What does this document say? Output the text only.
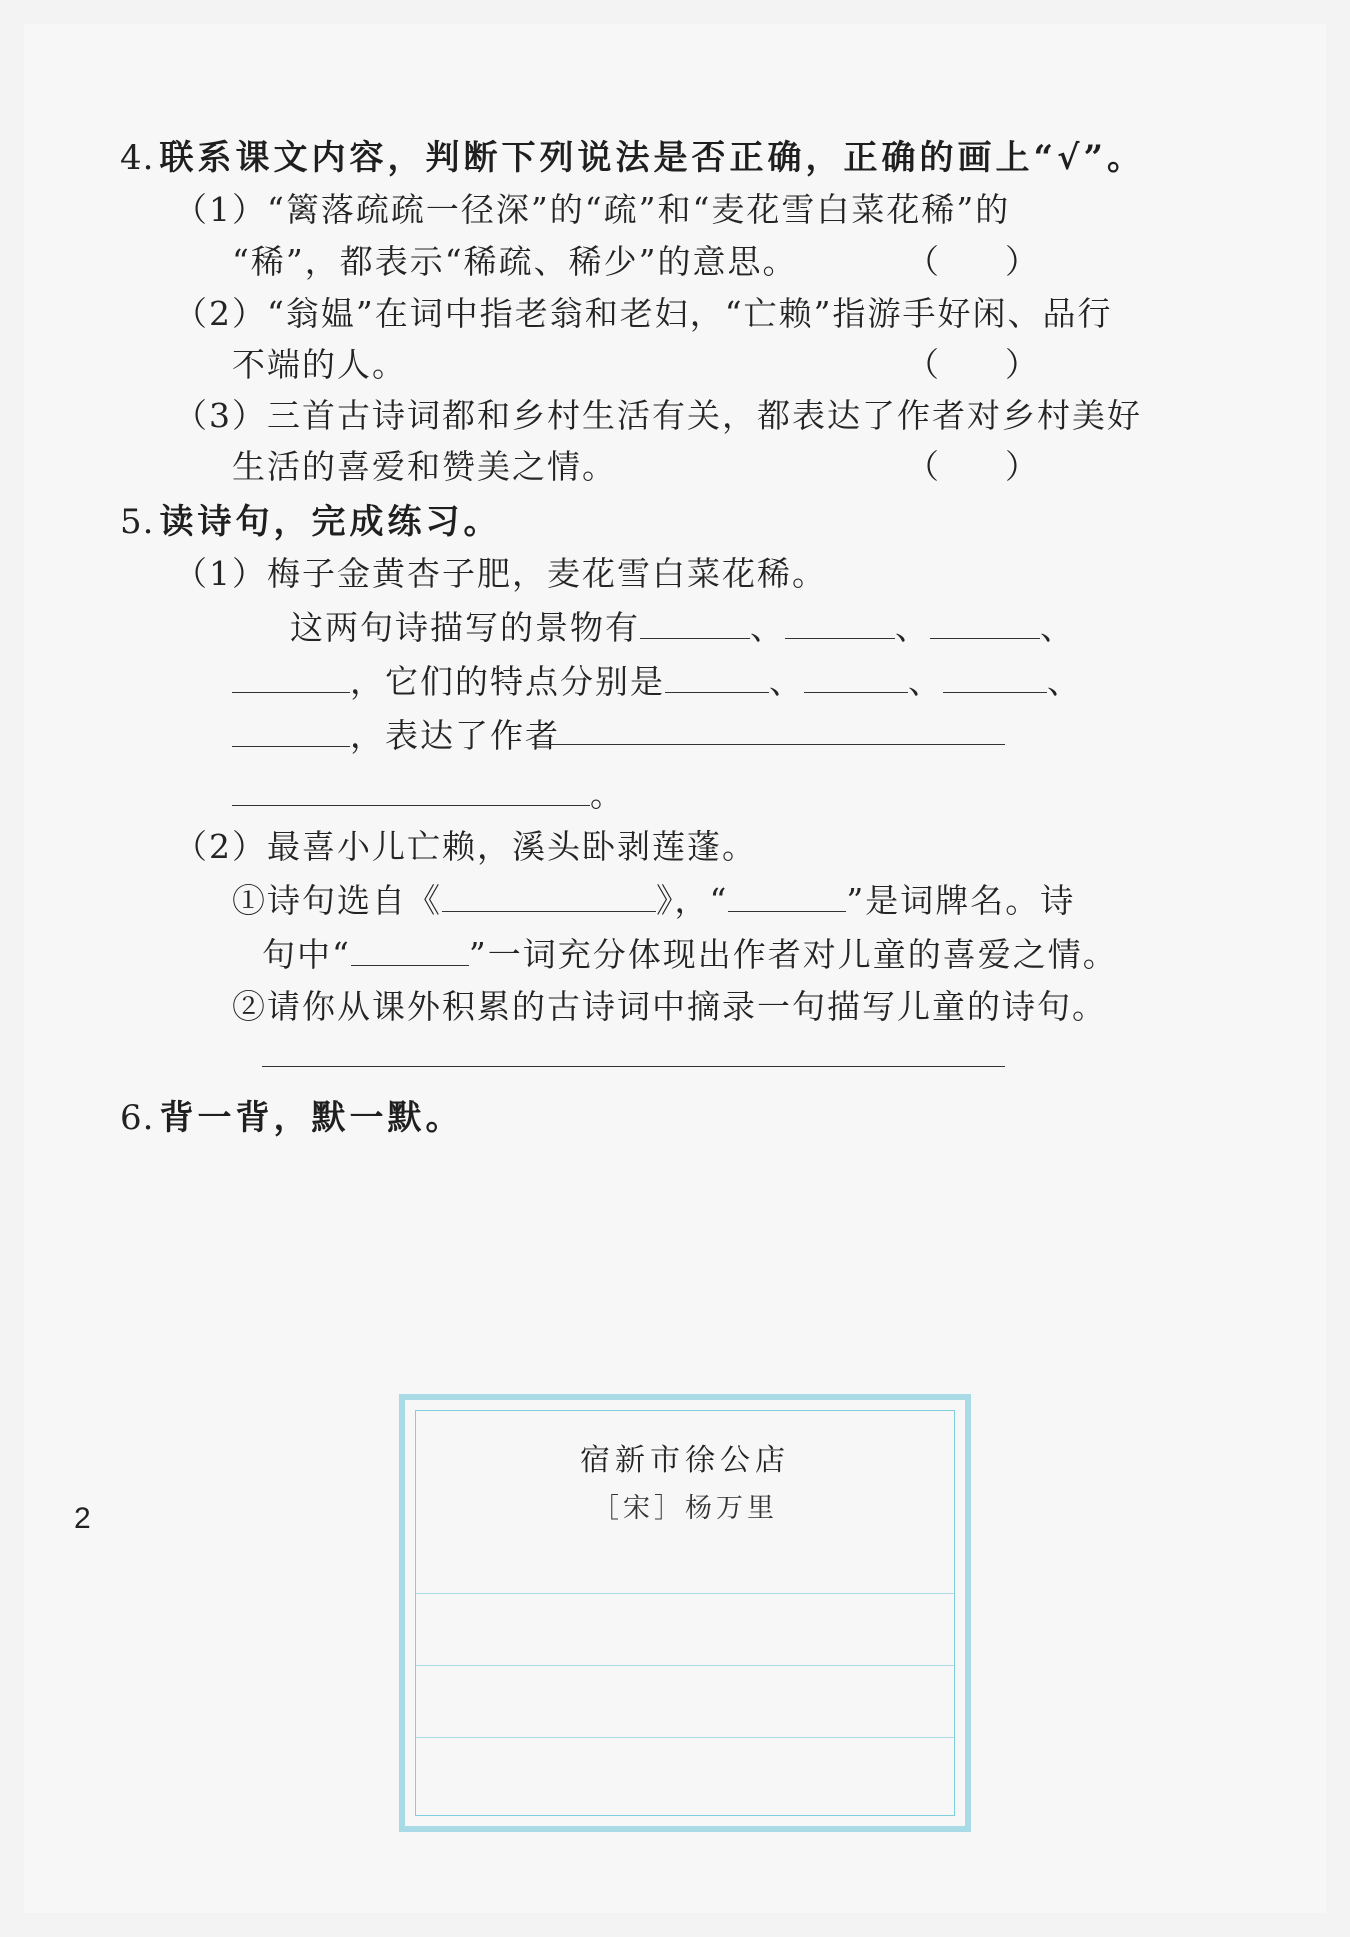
4. 联系课文内容，判断下列说法是否正确，正确的画上“√”。
（1）“篱落疏疏一径深”的“疏”和“麦花雪白菜花稀”的
“稀”，都表示“稀疏、稀少”的意思。	（　　）
（2）“翁媪”在词中指老翁和老妇，“亡赖”指游手好闲、品行
不端的人。	（　　）
（3）三首古诗词都和乡村生活有关，都表达了作者对乡村美好
生活的喜爱和赞美之情。	（　　）
5. 读诗句，完成练习。
（1）梅子金黄杏子肥，麦花雪白菜花稀。
这两句诗描写的景物有	、	、	、
，它们的特点分别是	、	、	、
，表达了作者
。
（2）最喜小儿亡赖，溪头卧剥莲蓬。
①诗句选自《	》，“	”是词牌名。诗
句中“	”一词充分体现出作者对儿童的喜爱之情。
②请你从课外积累的古诗词中摘录一句描写儿童的诗句。
6. 背一背，默一默。
宿新市徐公店
［宋］杨万里
2
